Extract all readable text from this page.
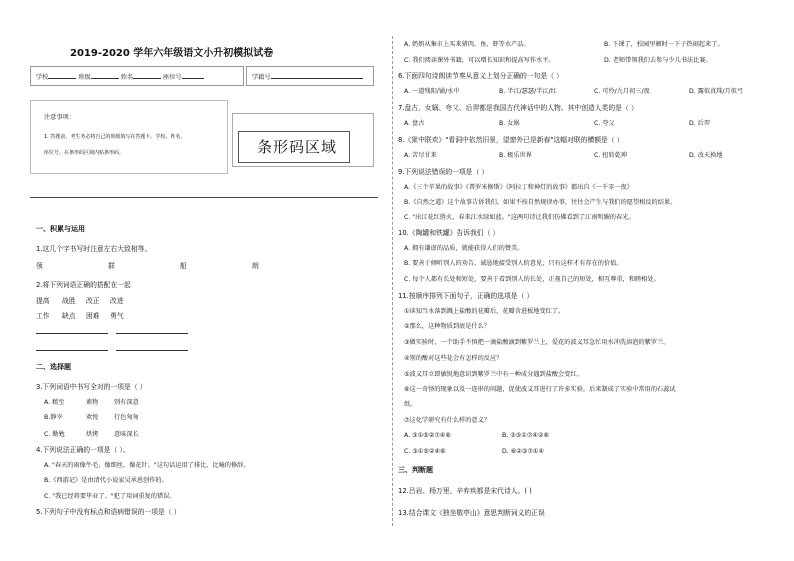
2019-2020 学年六年级语文小升初模拟试卷
学校	班级	姓名	座位号	学籍号
注意事项：
1. 答题前，考生务必将自己的班级填写在答题卡、学校、姓名、
座位号，在条形码区域内贴条形码。	条形码区域
一、积累与运用
1.这几个字书写时注意左右大致相等。
领	群	船	朗
2.将下列词语正确的搭配在一起
提高 战胜 改正 改进
工作 缺点 困难 勇气
二、选择题
3.下列词语中书写全对的一项是（ ）
A. 精至	素物	别有深意
B.静宰	欢悦	行色匆匆
C. 勤勉	烘烤	意味深长
4.下列说法正确的一项是（ ）。
A. "春天的雨像牛毛，像细丝，像花针。"这句话运用了排比、比喻的修辞。
B.《西游记》是由清代小说家吴承恩创作的。
C. "我已经将要毕业了。"犯了用词重复的错误。
5.下列句子中没有标点和语病错误的一项是（ ）
A. 奶奶从集市上买来猪肉、鱼、虾等水产品。	B. 下课了，校园里顿时一下子热闹起来了。
C. 我们阅读课外书籍，可以增长知识和提高写作水平。	D. 老师带领我们去参与少儿书法比赛。
6.下面四句诗朗读节奏从意义上划分正确的一句是（ ）
A. 一道残阳/铺/水中	B. 半江/瑟瑟/半江/红	C. 可怜/九月初三/夜	D. 露似真珠/月似弓
7.盘古、女娲、夸父、后羿都是我国古代神话中的人物。其中创造人类的是（ ）
A. 盘古	B. 女娲	C. 夸父	D. 后羿
8.《狱中联欢》"看洞中依然旧景，望窗外已是新春"这幅对联的横额是（ ）
A. 苦尽甘来	B. 极乐世界	C. 扭转乾坤	D. 改天换地
9.下列说法错误的一项是（ ）
A.《三个苹果的故事》《普罗米修斯》《阿拉丁和神灯的故事》都出自《一千零一夜》
B.《自然之道》这个故事告诉我们，如果不按自然规律办事，往往会产生与我们的愿望相反的结果。
C. "出江花红胜火，春来江水绿如蓝。"这两句诗让我们仿佛看到了江南明媚的春光。
10.《陶罐和铁罐》告诉我们（ ）
A. 拥有谦虚的品质，就能获得人们的赞美。
B. 要善于倾听别人的劝告，诚恳地接受别人的意见，只有这样才有存在的价值。
C. 每个人都有长处和短处，要善于看到别人的长处，正视自己的短处，相互尊重，和睦相处。
11.按顺序排列下面句子，正确的选项是（ ）
①读知当水落到溅上盐酸的花瓣后，花瓣含进板地变红了。
②那么，这种物质到底是什么？
③做实验时，一个助手不慎把一滴盐酸滴到紫罗兰上，爱花的波义耳急忙用水冲洗溶泡的紫罗兰。
④别的酸对这些花会有怎样的反应？
⑤波义耳立即敏锐地意识到紫罗兰中有一种成分遇到盐酸会变红。
⑥这一奇怪的现象以及一连串的问题，促使波义耳进行了许多实验。后来制成了实验中常用的石蕊试
纸。
⑦这化学研究有什么样的意义？
A. ③①⑤②⑦④⑥	B. ③⑤①⑦④②⑥
C. ③①⑤②④⑥	D. ⑥②③⑦①④
三、判断题
12.吕岩、杨万里、辛弃疾都是宋代诗人。( )
13.结合课文《独坐敬亭山》意思判断词义的正误
